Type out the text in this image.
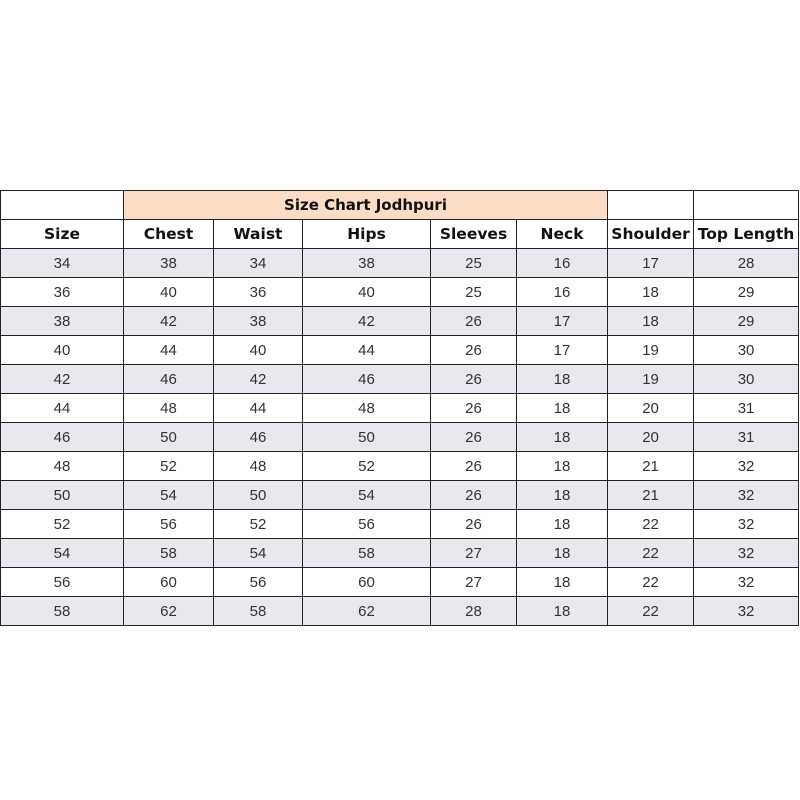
	Size Chart Jodhpuri						
Size	Chest	Waist	Hips	Sleeves	Neck	Shoulder	Top Length
34	38	34	38	25	16	17	28
36	40	36	40	25	16	18	29
38	42	38	42	26	17	18	29
40	44	40	44	26	17	19	30
42	46	42	46	26	18	19	30
44	48	44	48	26	18	20	31
46	50	46	50	26	18	20	31
48	52	48	52	26	18	21	32
50	54	50	54	26	18	21	32
52	56	52	56	26	18	22	32
54	58	54	58	27	18	22	32
56	60	56	60	27	18	22	32
58	62	58	62	28	18	22	32
